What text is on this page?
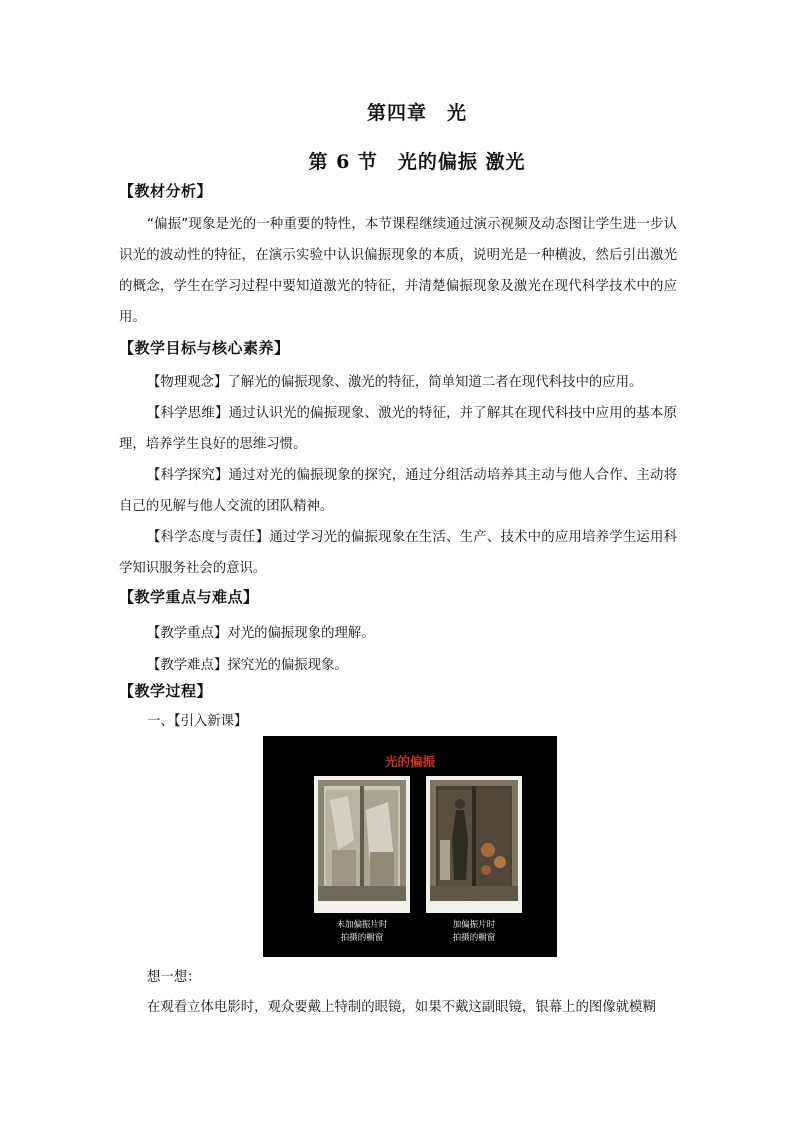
第四章　光
第 6 节　光的偏振 激光
【教材分析】

“偏振”现象是光的一种重要的特性，本节课程继续通过演示视频及动态图让学生进一步认识光的波动性的特征，在演示实验中认识偏振现象的本质，说明光是一种横波，然后引出激光的概念，学生在学习过程中要知道激光的特征，并清楚偏振现象及激光在现代科学技术中的应用。

【教学目标与核心素养】

【物理观念】了解光的偏振现象、激光的特征，简单知道二者在现代科技中的应用。

【科学思维】通过认识光的偏振现象、激光的特征，并了解其在现代科技中应用的基本原理，培养学生良好的思维习惯。

【科学探究】通过对光的偏振现象的探究，通过分组活动培养其主动与他人合作、主动将自己的见解与他人交流的团队精神。

【科学态度与责任】通过学习光的偏振现象在生活、生产、技术中的应用培养学生运用科学知识服务社会的意识。

【教学重点与难点】
【教学重点】对光的偏振现象的理解。
【教学难点】探究光的偏振现象。
【教学过程】
一、【引入新课】
光的偏振
(a)	(b)
未加偏振片时
拍摄的橱窗
加偏振片时
拍摄的橱窗
想一想：
在观看立体电影时，观众要戴上特制的眼镜，如果不戴这副眼镜，银幕上的图像就模糊
